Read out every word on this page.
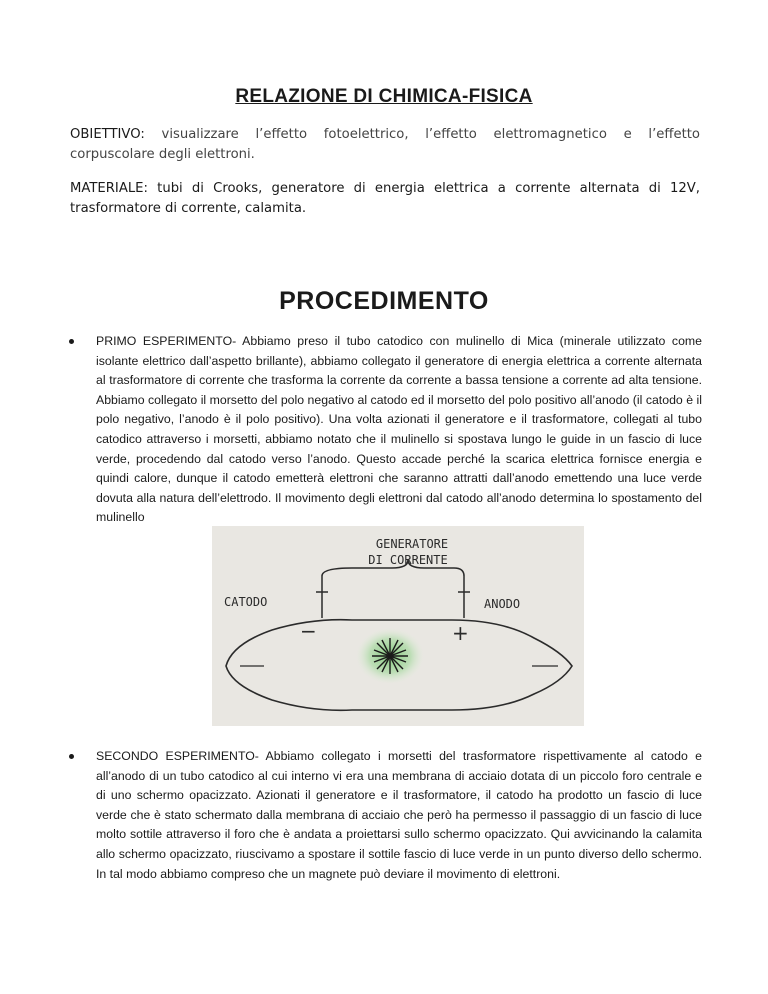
RELAZIONE DI CHIMICA-FISICA

OBIETTIVO: visualizzare l’effetto fotoelettrico, l’effetto elettromagnetico e l’effetto corpuscolare degli elettroni.

MATERIALE: tubi di Crooks, generatore di energia elettrica a corrente alternata di 12V, trasformatore di corrente, calamita.

PROCEDIMENTO
PRIMO ESPERIMENTO- Abbiamo preso il tubo catodico con mulinello di Mica (minerale utilizzato come isolante elettrico dall’aspetto brillante), abbiamo collegato il generatore di energia elettrica a corrente alternata al trasformatore di corrente che trasforma la corrente da corrente a bassa tensione a corrente ad alta tensione. Abbiamo collegato il morsetto del polo negativo al catodo ed il morsetto del polo positivo all’anodo (il catodo è il polo negativo, l’anodo è il polo positivo). Una volta azionati il generatore e il trasformatore, collegati al tubo catodico attraverso i morsetti, abbiamo notato che il mulinello si spostava lungo le guide in un fascio di luce verde, procedendo dal catodo verso l’anodo. Questo accade perché la scarica elettrica fornisce energia e quindi calore, dunque il catodo emetterà elettroni che saranno attratti dall’anodo emettendo una luce verde dovuta alla natura dell’elettrodo. Il movimento degli elettroni dal catodo all’anodo determina lo spostamento del mulinello
GENERATORE
DI CORRENTE
CATODO	ANODO
−	+
SECONDO ESPERIMENTO- Abbiamo collegato i morsetti del trasformatore rispettivamente al catodo e all’anodo di un tubo catodico al cui interno vi era una membrana di acciaio dotata di un piccolo foro centrale e di uno schermo opacizzato. Azionati il generatore e il trasformatore, il catodo ha prodotto un fascio di luce verde che è stato schermato dalla membrana di acciaio che però ha permesso il passaggio di un fascio di luce molto sottile attraverso il foro che è andata a proiettarsi sullo schermo opacizzato. Qui avvicinando la calamita allo schermo opacizzato, riuscivamo a spostare il sottile fascio di luce verde in un punto diverso dello schermo. In tal modo abbiamo compreso che un magnete può deviare il movimento di elettroni.
